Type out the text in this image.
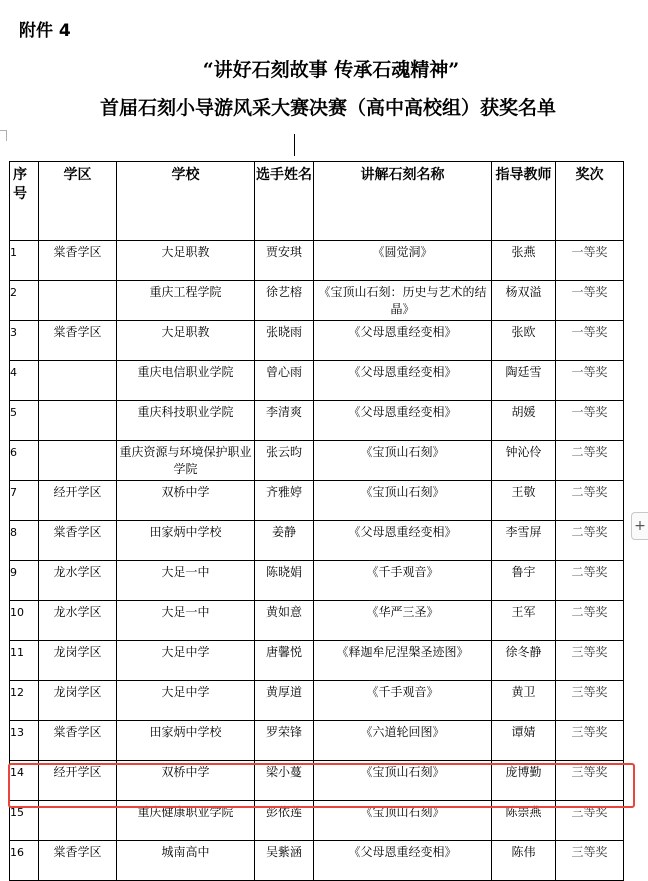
附件 4
“讲好石刻故事 传承石魂精神”
首届石刻小导游风采大赛决赛（高中高校组）获奖名单
+
序号	学区	学校	选手姓名	讲解石刻名称	指导教师	奖次
1	棠香学区	大足职教	贾安琪	《圆觉洞》	张燕	一等奖
2		重庆工程学院	徐艺榕	《宝顶山石刻：历史与艺术的结晶》	杨双溢	一等奖
3	棠香学区	大足职教	张晓雨	《父母恩重经变相》	张欧	一等奖
4		重庆电信职业学院	曾心雨	《父母恩重经变相》	陶廷雪	一等奖
5		重庆科技职业学院	李清爽	《父母恩重经变相》	胡媛	一等奖
6		重庆资源与环境保护职业学院	张云昀	《宝顶山石刻》	钟沁伶	二等奖
7	经开学区	双桥中学	齐雅婷	《宝顶山石刻》	王敬	二等奖
8	棠香学区	田家炳中学校	姜静	《父母恩重经变相》	李雪屏	二等奖
9	龙水学区	大足一中	陈晓娟	《千手观音》	鲁宇	二等奖
10	龙水学区	大足一中	黄如意	《华严三圣》	王军	二等奖
11	龙岗学区	大足中学	唐馨悦	《释迦牟尼涅槃圣迹图》	徐冬静	三等奖
12	龙岗学区	大足中学	黄厚道	《千手观音》	黄卫	三等奖
13	棠香学区	田家炳中学校	罗荣锋	《六道轮回图》	谭婧	三等奖
14	经开学区	双桥中学	梁小蔓	《宝顶山石刻》	庞博勤	三等奖
15		重庆健康职业学院	彭依莲	《宝顶山石刻》	陈崇燕	三等奖
16	棠香学区	城南高中	吴紫涵	《父母恩重经变相》	陈伟	三等奖
